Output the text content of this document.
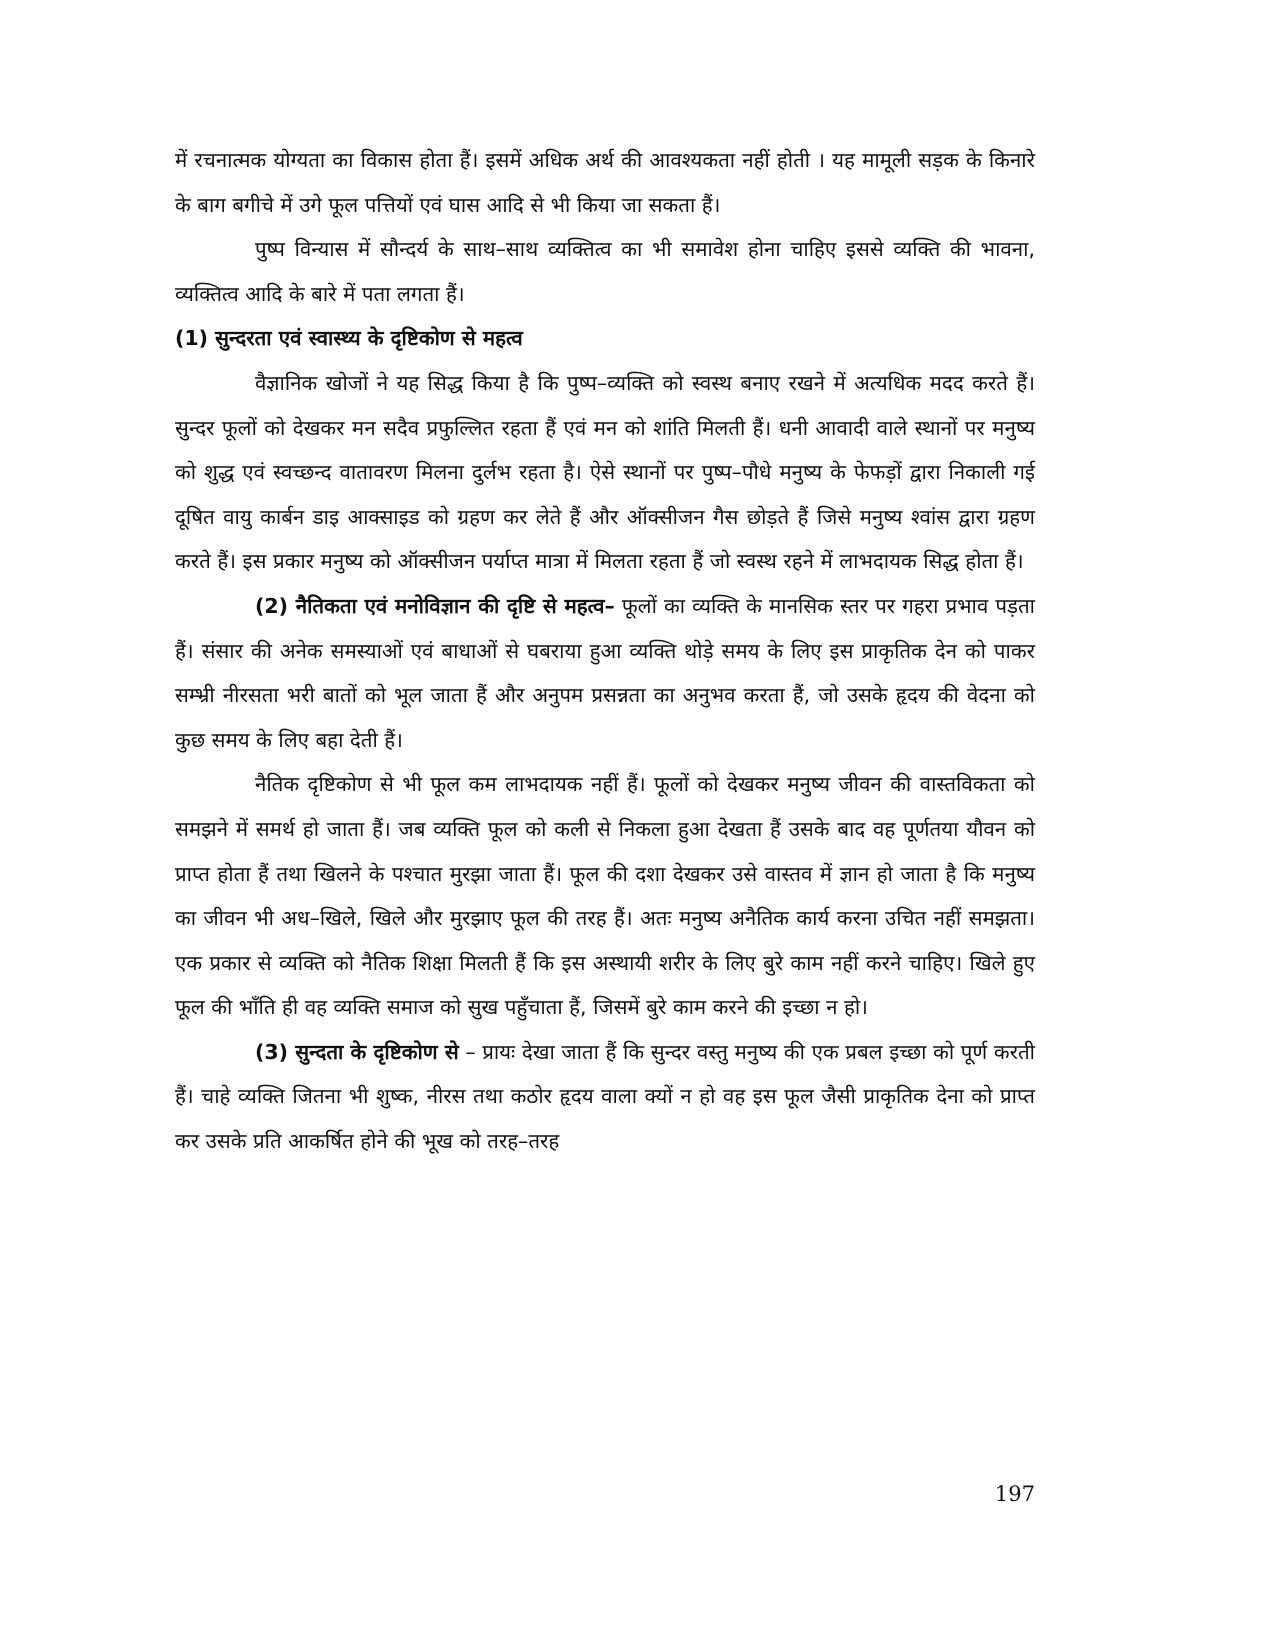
में रचनात्मक योग्यता का विकास होता हैं। इसमें अधिक अर्थ की आवश्यकता नहीं होती । यह मामूली सड़क के किनारे के बाग बगीचे में उगे फूल पत्तियों एवं घास आदि से भी किया जा सकता हैं।

पुष्प विन्यास में सौन्दर्य के साथ–साथ व्यक्तित्व का भी समावेश होना चाहिए इससे व्यक्ति की भावना, व्यक्तित्व आदि के बारे में पता लगता हैं।

(1) सुन्दरता एवं स्वास्थ्य के दृष्टिकोण से महत्व

वैज्ञानिक खोजों ने यह सिद्ध किया है कि पुष्प–व्यक्ति को स्वस्थ बनाए रखने में अत्यधिक मदद करते हैं। सुन्दर फूलों को देखकर मन सदैव प्रफुल्लित रहता हैं एवं मन को शांति मिलती हैं। धनी आवादी वाले स्थानों पर मनुष्य को शुद्ध एवं स्वच्छन्द वातावरण मिलना दुर्लभ रहता है। ऐसे स्थानों पर पुष्प–पौधे मनुष्य के फेफड़ों द्वारा निकाली गई दूषित वायु कार्बन डाइ आक्साइड को ग्रहण कर लेते हैं और ऑक्सीजन गैस छोड़ते हैं जिसे मनुष्य श्वांस द्वारा ग्रहण करते हैं। इस प्रकार मनुष्य को ऑक्सीजन पर्याप्त मात्रा में मिलता रहता हैं जो स्वस्थ रहने में लाभदायक सिद्ध होता हैं।

(2) नैतिकता एवं मनोविज्ञान की दृष्टि से महत्व– फूलों का व्यक्ति के मानसिक स्तर पर गहरा प्रभाव पड़ता हैं। संसार की अनेक समस्याओं एवं बाधाओं से घबराया हुआ व्यक्ति थोड़े समय के लिए इस प्राकृतिक देन को पाकर सम्भ्री नीरसता भरी बातों को भूल जाता हैं और अनुपम प्रसन्नता का अनुभव करता हैं, जो उसके हृदय की वेदना को कुछ समय के लिए बहा देती हैं।

नैतिक दृष्टिकोण से भी फूल कम लाभदायक नहीं हैं। फूलों को देखकर मनुष्य जीवन की वास्तविकता को समझने में समर्थ हो जाता हैं। जब व्यक्ति फूल को कली से निकला हुआ देखता हैं उसके बाद वह पूर्णतया यौवन को प्राप्त होता हैं तथा खिलने के पश्चात मुरझा जाता हैं। फूल की दशा देखकर उसे वास्तव में ज्ञान हो जाता है कि मनुष्य का जीवन भी अध–खिले, खिले और मुरझाए फूल की तरह हैं। अतः मनुष्य अनैतिक कार्य करना उचित नहीं समझता। एक प्रकार से व्यक्ति को नैतिक शिक्षा मिलती हैं कि इस अस्थायी शरीर के लिए बुरे काम नहीं करने चाहिए। खिले हुए फूल की भाँति ही वह व्यक्ति समाज को सुख पहुँचाता हैं, जिसमें बुरे काम करने की इच्छा न हो।

(3) सुन्दता के दृष्टिकोण से – प्रायः देखा जाता हैं कि सुन्दर वस्तु मनुष्य की एक प्रबल इच्छा को पूर्ण करती हैं। चाहे व्यक्ति जितना भी शुष्क, नीरस तथा कठोर हृदय वाला क्यों न हो वह इस फूल जैसी प्राकृतिक देना को प्राप्त कर उसके प्रति आकर्षित होने की भूख को तरह–तरह

197
